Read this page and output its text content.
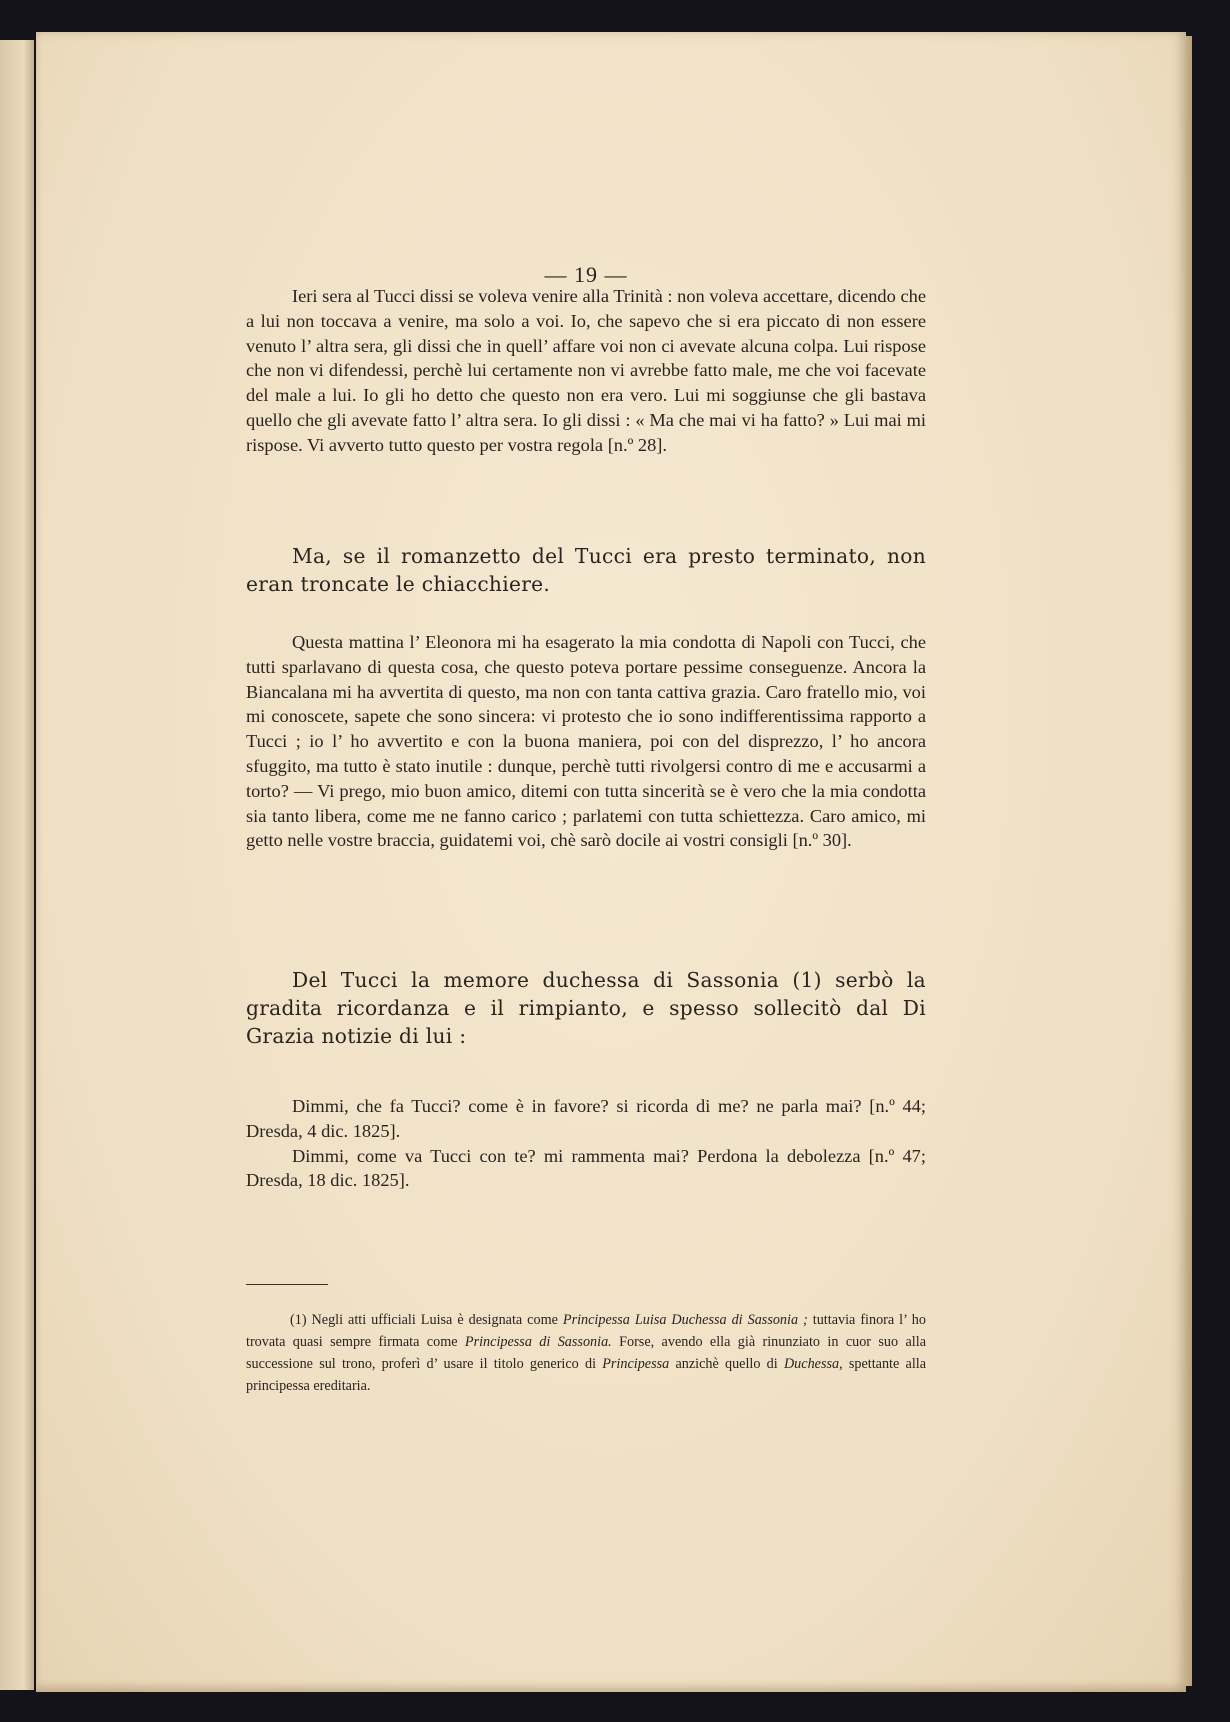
— 19 —

Ieri sera al Tucci dissi se voleva venire alla Trinità : non voleva accettare, dicendo che a lui non toccava a venire, ma solo a voi. Io, che sapevo che si era piccato di non essere venuto l’ altra sera, gli dissi che in quell’ affare voi non ci avevate alcuna colpa. Lui rispose che non vi difendessi, perchè lui certamente non vi avrebbe fatto male, me che voi facevate del male a lui. Io gli ho detto che questo non era vero. Lui mi soggiunse che gli bastava quello che gli avevate fatto l’ altra sera. Io gli dissi : « Ma che mai vi ha fatto? » Lui mai mi rispose. Vi avverto tutto questo per vostra regola [n.º 28].

Ma, se il romanzetto del Tucci era presto terminato, non eran troncate le chiacchiere.

Questa mattina l’ Eleonora mi ha esagerato la mia condotta di Napoli con Tucci, che tutti sparlavano di questa cosa, che questo poteva portare pessime conseguenze. Ancora la Biancalana mi ha avvertita di questo, ma non con tanta cattiva grazia. Caro fratello mio, voi mi conoscete, sapete che sono sincera: vi protesto che io sono indifferentissima rapporto a Tucci ; io l’ ho avvertito e con la buona maniera, poi con del disprezzo, l’ ho ancora sfuggito, ma tutto è stato inutile : dunque, perchè tutti rivolgersi contro di me e accusarmi a torto? — Vi prego, mio buon amico, ditemi con tutta sincerità se è vero che la mia condotta sia tanto libera, come me ne fanno carico ; parlatemi con tutta schiettezza. Caro amico, mi getto nelle vostre braccia, guidatemi voi, chè sarò docile ai vostri consigli [n.º 30].

Del Tucci la memore duchessa di Sassonia (1) serbò la gradita ricordanza e il rimpianto, e spesso sollecitò dal Di Grazia notizie di lui :

Dimmi, che fa Tucci? come è in favore? si ricorda di me? ne parla mai? [n.º 44; Dresda, 4 dic. 1825].

Dimmi, come va Tucci con te? mi rammenta mai? Perdona la debolezza [n.º 47; Dresda, 18 dic. 1825].

(1) Negli atti ufficiali Luisa è designata come Principessa Luisa Duchessa di Sassonia ; tuttavia finora l’ ho trovata quasi sempre firmata come Principessa di Sassonia. Forse, avendo ella già rinunziato in cuor suo alla successione sul trono, proferì d’ usare il titolo generico di Principessa anzichè quello di Duchessa, spettante alla principessa ereditaria.
